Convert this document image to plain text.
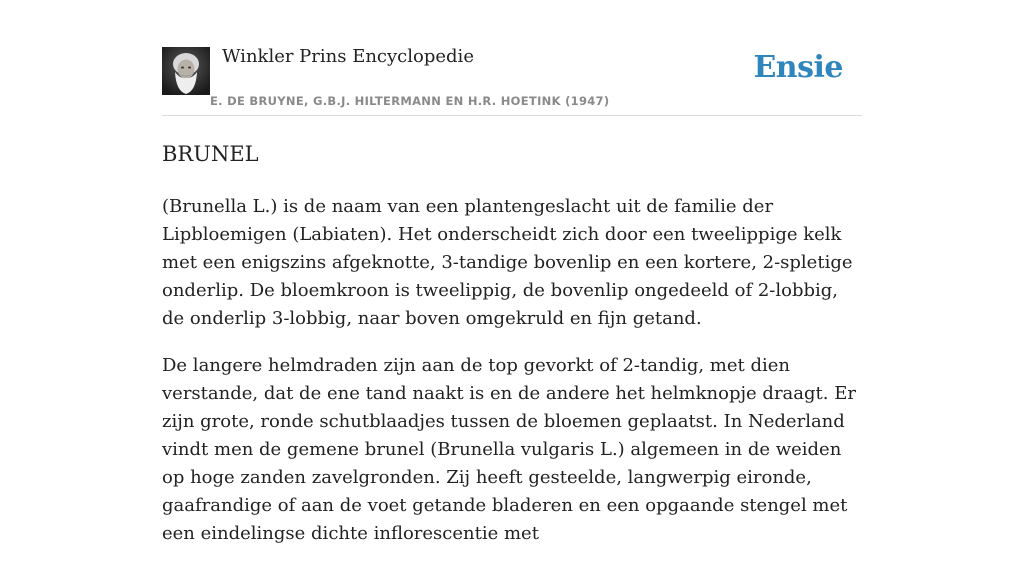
Winkler Prins Encyclopedie
E. DE BRUYNE, G.B.J. HILTERMANN EN H.R. HOETINK (1947)
Ensie
BRUNEL

(Brunella L.) is de naam van een plantengeslacht uit de familie der Lipbloemigen (Labiaten). Het onderscheidt zich door een tweelippige kelk met een enigszins afgeknotte, 3-tandige bovenlip en een kortere, 2-spletige onderlip. De bloemkroon is tweelippig, de bovenlip ongedeeld of 2-lobbig, de onderlip 3-lobbig, naar boven omgekruld en fijn getand.

De langere helmdraden zijn aan de top gevorkt of 2-tandig, met dien verstande, dat de ene tand naakt is en de andere het helmknopje draagt. Er zijn grote, ronde schutblaadjes tussen de bloemen geplaatst. In Nederland vindt men de gemene brunel (Brunella vulgaris L.) algemeen in de weiden op hoge zanden zavelgronden. Zij heeft gesteelde, langwerpig eironde, gaafrandige of aan de voet getande bladeren en een opgaande stengel met een eindelingse dichte inflorescentie met
